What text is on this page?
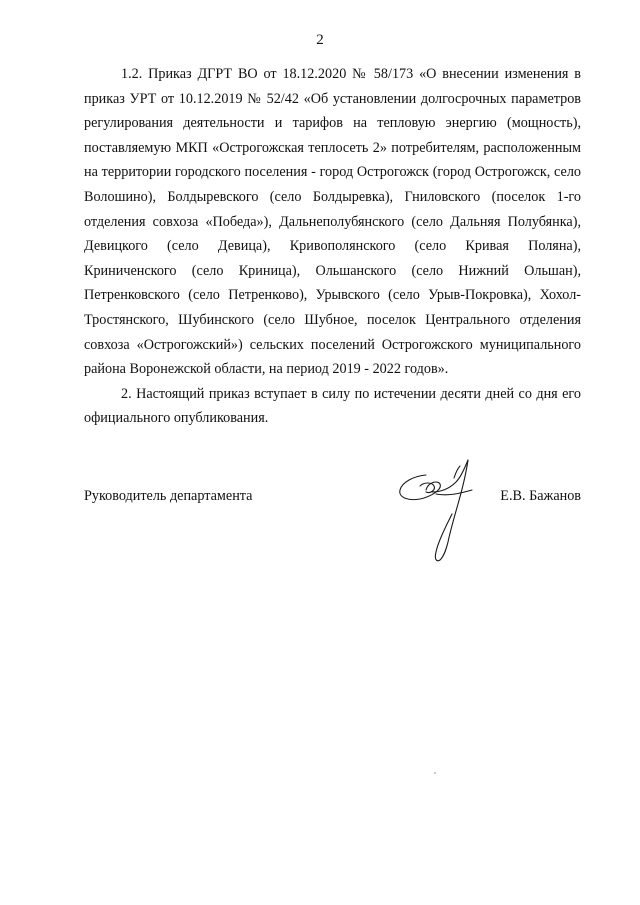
2

1.2. Приказ ДГРТ ВО от 18.12.2020 № 58/173 «О внесении изменения в приказ УРТ от 10.12.2019 № 52/42 «Об установлении долгосрочных параметров регулирования деятельности и тарифов на тепловую энергию (мощность), поставляемую МКП «Острогожская теплосеть 2» потребителям, расположенным на территории городского поселения - город Острогожск (город Острогожск, село Волошино), Болдыревского (село Болдыревка), Гниловского (поселок 1-го отделения совхоза «Победа»), Дальнеполубянского (село Дальняя Полубянка), Девицкого (село Девица), Кривополянского (село Кривая Поляна), Криниченского (село Криница), Ольшанского (село Нижний Ольшан), Петренковского (село Петренково), Урывского (село Урыв-Покровка), Хохол-Тростянского, Шубинского (село Шубное, поселок Центрального отделения совхоза «Острогожский») сельских поселений Острогожского муниципального района Воронежской области, на период 2019 - 2022 годов».

2. Настоящий приказ вступает в силу по истечении десяти дней со дня его официального опубликования.

Руководитель департамента	Е.В. Бажанов
